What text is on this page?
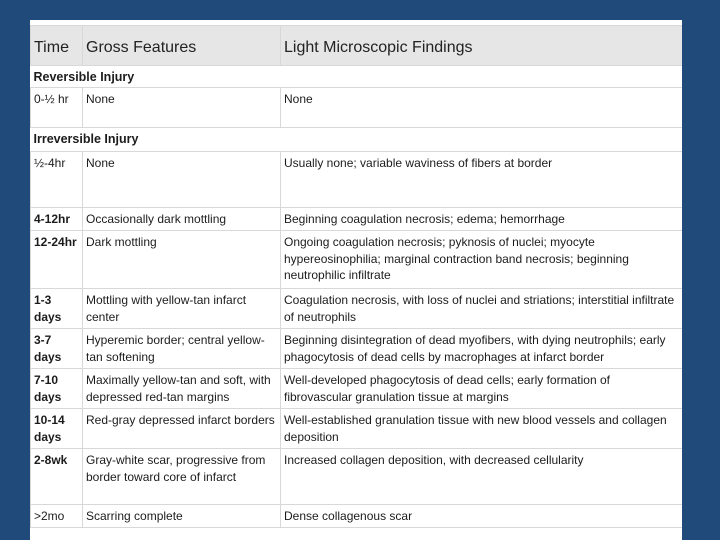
Time	Gross Features	Light Microscopic Findings
Reversible Injury		
0-½ hr	None	None
Irreversible Injury		
½-4hr	None	Usually none; variable waviness of fibers at border
4-12hr	Occasionally dark mottling	Beginning coagulation necrosis; edema; hemorrhage
12-24hr	Dark mottling	Ongoing coagulation necrosis; pyknosis of nuclei; myocyte hypereosinophilia; marginal contraction band necrosis; beginning neutrophilic infiltrate
1-3 days	Mottling with yellow-tan infarct center	Coagulation necrosis, with loss of nuclei and striations; interstitial infiltrate of neutrophils
3-7 days	Hyperemic border; central yellow-tan softening	Beginning disintegration of dead myofibers, with dying neutrophils; early phagocytosis of dead cells by macrophages at infarct border
7-10 days	Maximally yellow-tan and soft, with depressed red-tan margins	Well-developed phagocytosis of dead cells; early formation of fibrovascular granulation tissue at margins
10-14 days	Red-gray depressed infarct borders	Well-established granulation tissue with new blood vessels and collagen deposition
2-8wk	Gray-white scar, progressive from border toward core of infarct	Increased collagen deposition, with decreased cellularity
>2mo	Scarring complete	Dense collagenous scar
